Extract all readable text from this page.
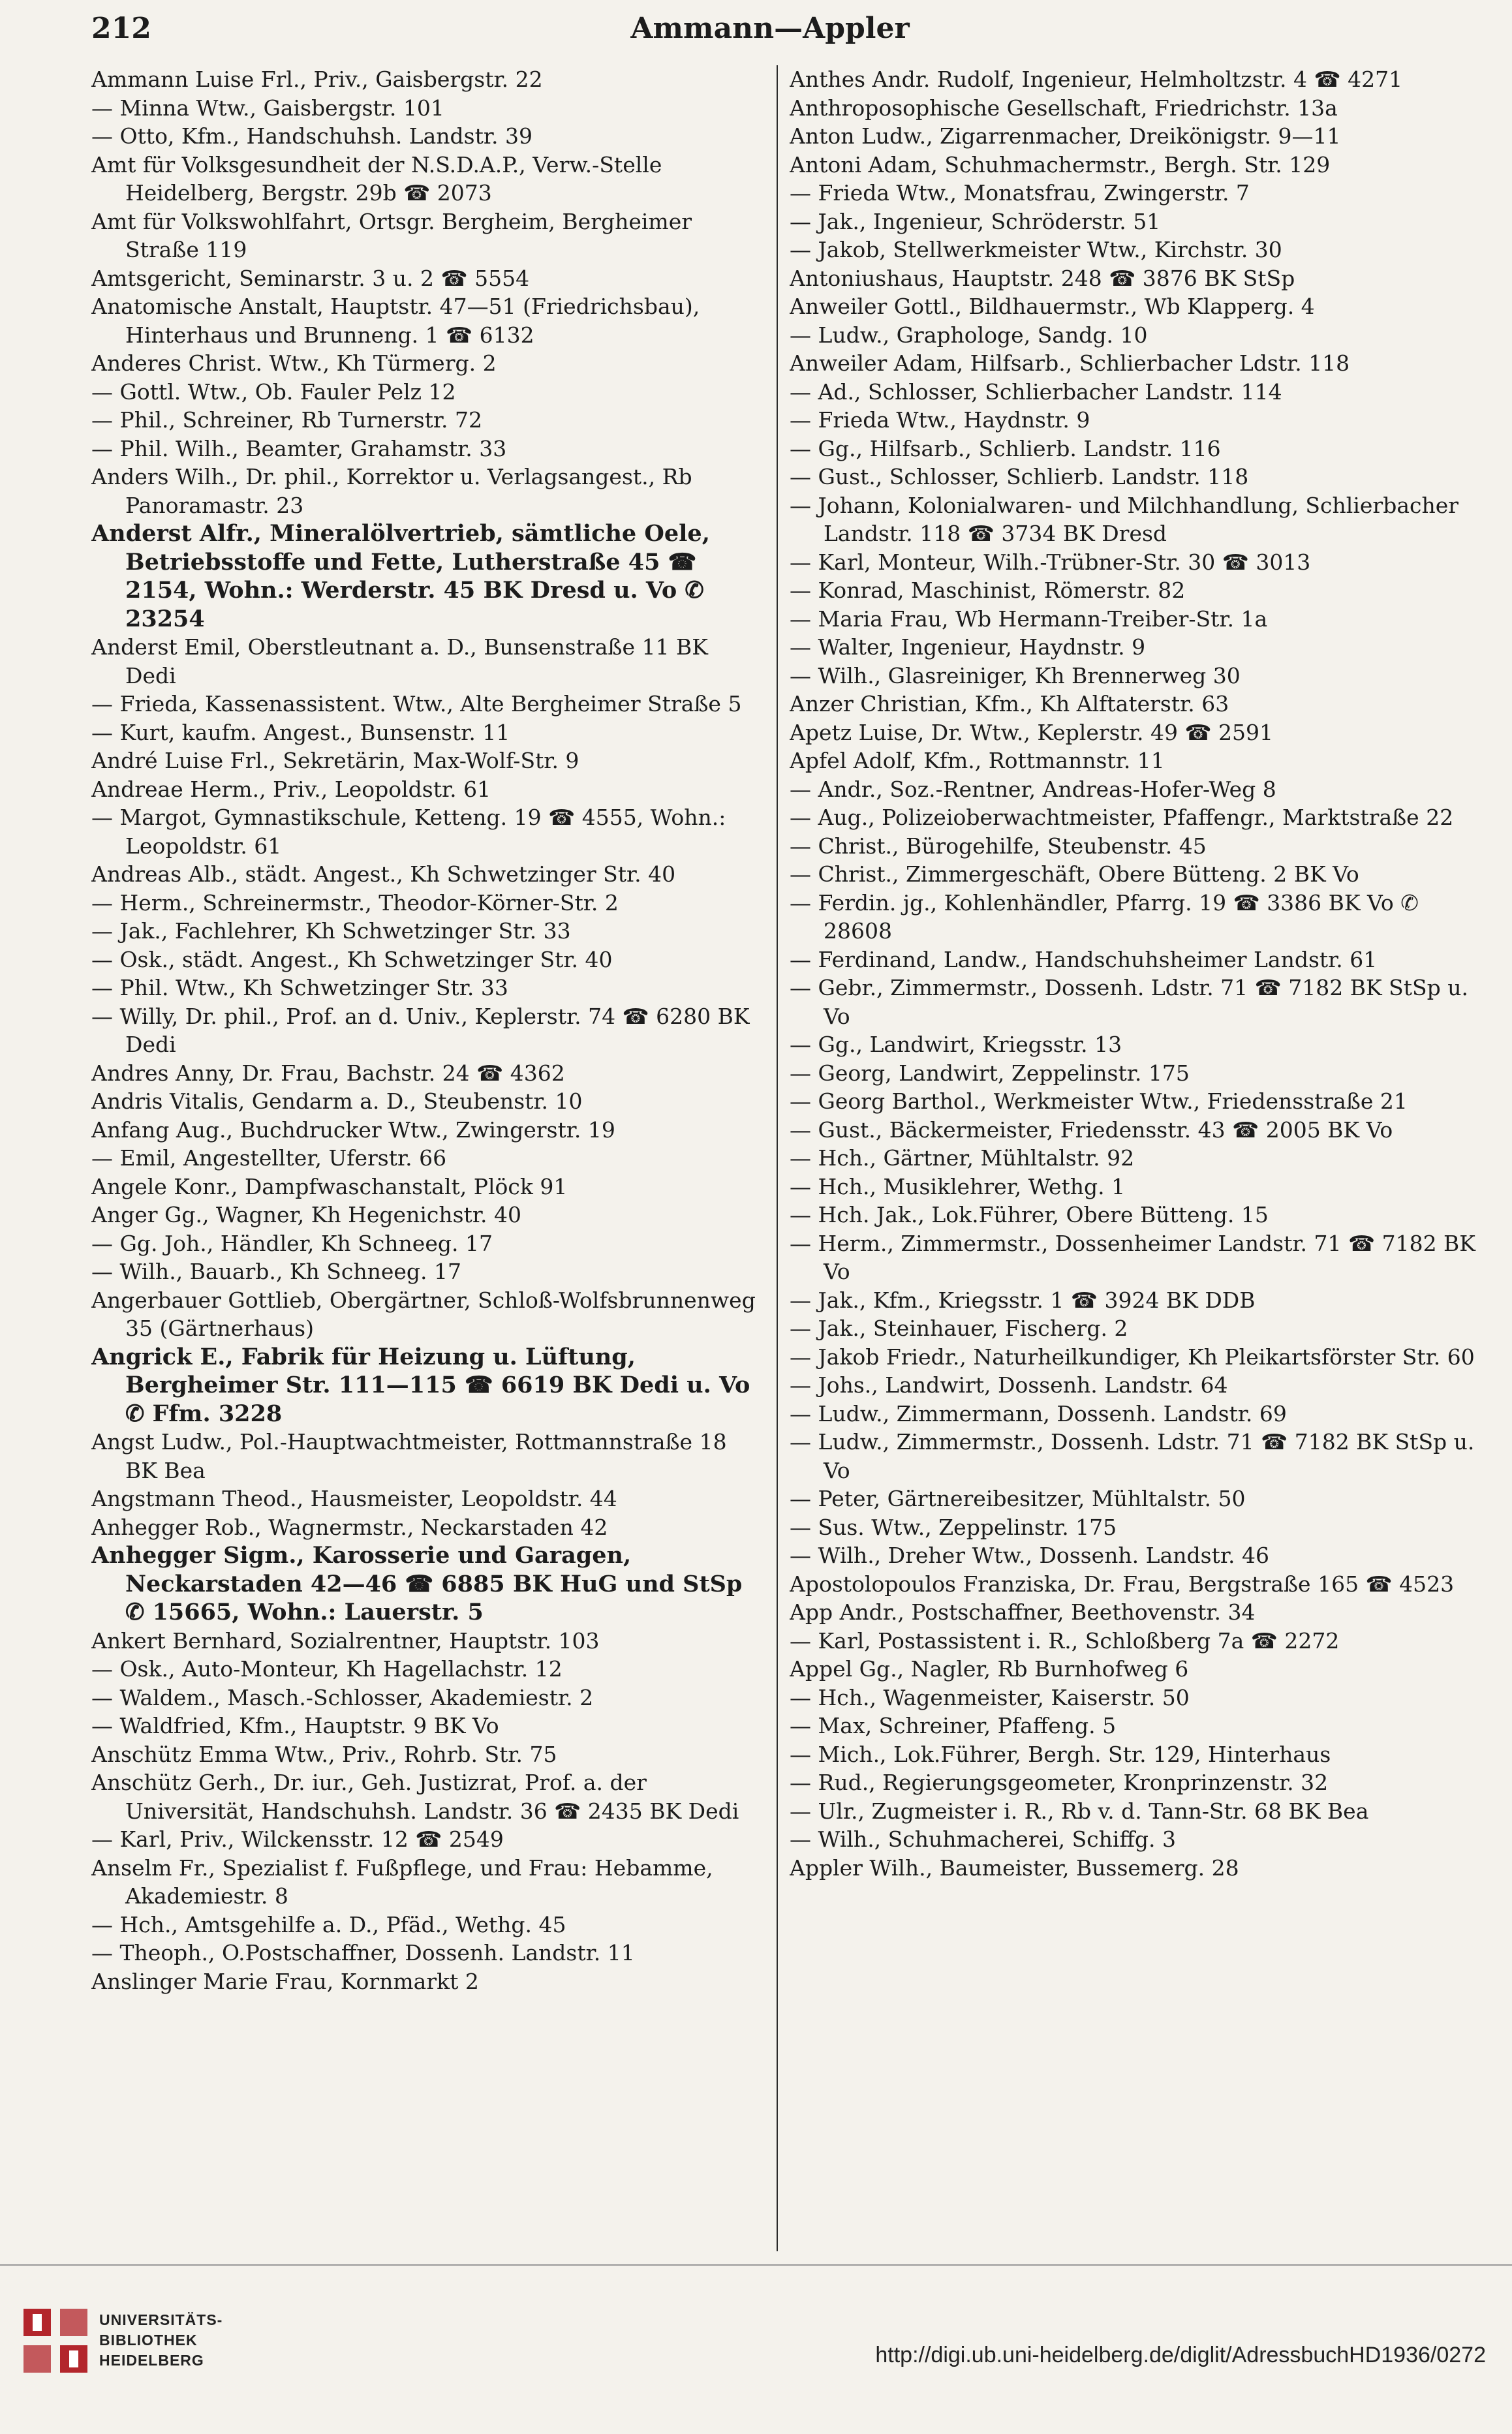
212	Ammann—Appler
Ammann Luise Frl., Priv., Gaisbergstr. 22
— Minna Wtw., Gaisbergstr. 101
— Otto, Kfm., Handschuhsh. Landstr. 39
Amt für Volksgesundheit der N.S.D.A.P., Verw.-Stelle Heidelberg, Bergstr. 29b ☎ 2073
Amt für Volkswohlfahrt, Ortsgr. Bergheim, Bergheimer Straße 119
Amtsgericht, Seminarstr. 3 u. 2 ☎ 5554
Anatomische Anstalt, Hauptstr. 47—51 (Friedrichsbau), Hinterhaus und Brunneng. 1 ☎ 6132
Anderes Christ. Wtw., Kh Türmerg. 2
— Gottl. Wtw., Ob. Fauler Pelz 12
— Phil., Schreiner, Rb Turnerstr. 72
— Phil. Wilh., Beamter, Grahamstr. 33
Anders Wilh., Dr. phil., Korrektor u. Verlagsangest., Rb Panoramastr. 23
Anderst Alfr., Mineralölvertrieb, sämtliche Oele, Betriebsstoffe und Fette, Lutherstraße 45 ☎ 2154, Wohn.: Werderstr. 45 BK Dresd u. Vo ✆ 23254
Anderst Emil, Oberstleutnant a. D., Bunsenstraße 11 BK Dedi
— Frieda, Kassenassistent. Wtw., Alte Bergheimer Straße 5
— Kurt, kaufm. Angest., Bunsenstr. 11
André Luise Frl., Sekretärin, Max-Wolf-Str. 9
Andreae Herm., Priv., Leopoldstr. 61
— Margot, Gymnastikschule, Ketteng. 19 ☎ 4555, Wohn.: Leopoldstr. 61
Andreas Alb., städt. Angest., Kh Schwetzinger Str. 40
— Herm., Schreinermstr., Theodor-Körner-Str. 2
— Jak., Fachlehrer, Kh Schwetzinger Str. 33
— Osk., städt. Angest., Kh Schwetzinger Str. 40
— Phil. Wtw., Kh Schwetzinger Str. 33
— Willy, Dr. phil., Prof. an d. Univ., Keplerstr. 74 ☎ 6280 BK Dedi
Andres Anny, Dr. Frau, Bachstr. 24 ☎ 4362
Andris Vitalis, Gendarm a. D., Steubenstr. 10
Anfang Aug., Buchdrucker Wtw., Zwingerstr. 19
— Emil, Angestellter, Uferstr. 66
Angele Konr., Dampfwaschanstalt, Plöck 91
Anger Gg., Wagner, Kh Hegenichstr. 40
— Gg. Joh., Händler, Kh Schneeg. 17
— Wilh., Bauarb., Kh Schneeg. 17
Angerbauer Gottlieb, Obergärtner, Schloß-Wolfsbrunnenweg 35 (Gärtnerhaus)
Angrick E., Fabrik für Heizung u. Lüftung, Bergheimer Str. 111—115 ☎ 6619 BK Dedi u. Vo ✆ Ffm. 3228
Angst Ludw., Pol.-Hauptwachtmeister, Rottmannstraße 18 BK Bea
Angstmann Theod., Hausmeister, Leopoldstr. 44
Anhegger Rob., Wagnermstr., Neckarstaden 42
Anhegger Sigm., Karosserie und Garagen, Neckarstaden 42—46 ☎ 6885 BK HuG und StSp ✆ 15665, Wohn.: Lauerstr. 5
Ankert Bernhard, Sozialrentner, Hauptstr. 103
— Osk., Auto-Monteur, Kh Hagellachstr. 12
— Waldem., Masch.-Schlosser, Akademiestr. 2
— Waldfried, Kfm., Hauptstr. 9 BK Vo
Anschütz Emma Wtw., Priv., Rohrb. Str. 75
Anschütz Gerh., Dr. iur., Geh. Justizrat, Prof. a. der Universität, Handschuhsh. Landstr. 36 ☎ 2435 BK Dedi
— Karl, Priv., Wilckensstr. 12 ☎ 2549
Anselm Fr., Spezialist f. Fußpflege, und Frau: Hebamme, Akademiestr. 8
— Hch., Amtsgehilfe a. D., Pfäd., Wethg. 45
— Theoph., O.Postschaffner, Dossenh. Landstr. 11
Anslinger Marie Frau, Kornmarkt 2
Anthes Andr. Rudolf, Ingenieur, Helmholtzstr. 4 ☎ 4271
Anthroposophische Gesellschaft, Friedrichstr. 13a
Anton Ludw., Zigarrenmacher, Dreikönigstr. 9—11
Antoni Adam, Schuhmachermstr., Bergh. Str. 129
— Frieda Wtw., Monatsfrau, Zwingerstr. 7
— Jak., Ingenieur, Schröderstr. 51
— Jakob, Stellwerkmeister Wtw., Kirchstr. 30
Antoniushaus, Hauptstr. 248 ☎ 3876 BK StSp
Anweiler Gottl., Bildhauermstr., Wb Klapperg. 4
— Ludw., Graphologe, Sandg. 10
Anweiler Adam, Hilfsarb., Schlierbacher Ldstr. 118
— Ad., Schlosser, Schlierbacher Landstr. 114
— Frieda Wtw., Haydnstr. 9
— Gg., Hilfsarb., Schlierb. Landstr. 116
— Gust., Schlosser, Schlierb. Landstr. 118
— Johann, Kolonialwaren- und Milchhandlung, Schlierbacher Landstr. 118 ☎ 3734 BK Dresd
— Karl, Monteur, Wilh.-Trübner-Str. 30 ☎ 3013
— Konrad, Maschinist, Römerstr. 82
— Maria Frau, Wb Hermann-Treiber-Str. 1a
— Walter, Ingenieur, Haydnstr. 9
— Wilh., Glasreiniger, Kh Brennerweg 30
Anzer Christian, Kfm., Kh Alftaterstr. 63
Apetz Luise, Dr. Wtw., Keplerstr. 49 ☎ 2591
Apfel Adolf, Kfm., Rottmannstr. 11
— Andr., Soz.-Rentner, Andreas-Hofer-Weg 8
— Aug., Polizeioberwachtmeister, Pfaffengr., Marktstraße 22
— Christ., Bürogehilfe, Steubenstr. 45
— Christ., Zimmergeschäft, Obere Bütteng. 2 BK Vo
— Ferdin. jg., Kohlenhändler, Pfarrg. 19 ☎ 3386 BK Vo ✆ 28608
— Ferdinand, Landw., Handschuhsheimer Landstr. 61
— Gebr., Zimmermstr., Dossenh. Ldstr. 71 ☎ 7182 BK StSp u. Vo
— Gg., Landwirt, Kriegsstr. 13
— Georg, Landwirt, Zeppelinstr. 175
— Georg Barthol., Werkmeister Wtw., Friedensstraße 21
— Gust., Bäckermeister, Friedensstr. 43 ☎ 2005 BK Vo
— Hch., Gärtner, Mühltalstr. 92
— Hch., Musiklehrer, Wethg. 1
— Hch. Jak., Lok.Führer, Obere Bütteng. 15
— Herm., Zimmermstr., Dossenheimer Landstr. 71 ☎ 7182 BK Vo
— Jak., Kfm., Kriegsstr. 1 ☎ 3924 BK DDB
— Jak., Steinhauer, Fischerg. 2
— Jakob Friedr., Naturheilkundiger, Kh Pleikartsförster Str. 60
— Johs., Landwirt, Dossenh. Landstr. 64
— Ludw., Zimmermann, Dossenh. Landstr. 69
— Ludw., Zimmermstr., Dossenh. Ldstr. 71 ☎ 7182 BK StSp u. Vo
— Peter, Gärtnereibesitzer, Mühltalstr. 50
— Sus. Wtw., Zeppelinstr. 175
— Wilh., Dreher Wtw., Dossenh. Landstr. 46
Apostolopoulos Franziska, Dr. Frau, Bergstraße 165 ☎ 4523
App Andr., Postschaffner, Beethovenstr. 34
— Karl, Postassistent i. R., Schloßberg 7a ☎ 2272
Appel Gg., Nagler, Rb Burnhofweg 6
— Hch., Wagenmeister, Kaiserstr. 50
— Max, Schreiner, Pfaffeng. 5
— Mich., Lok.Führer, Bergh. Str. 129, Hinterhaus
— Rud., Regierungsgeometer, Kronprinzenstr. 32
— Ulr., Zugmeister i. R., Rb v. d. Tann-Str. 68 BK Bea
— Wilh., Schuhmacherei, Schiffg. 3
Appler Wilh., Baumeister, Bussemerg. 28
UNIVERSITÄTS-
BIBLIOTHEK
HEIDELBERG	http://digi.ub.uni-heidelberg.de/diglit/AdressbuchHD1936/0272
